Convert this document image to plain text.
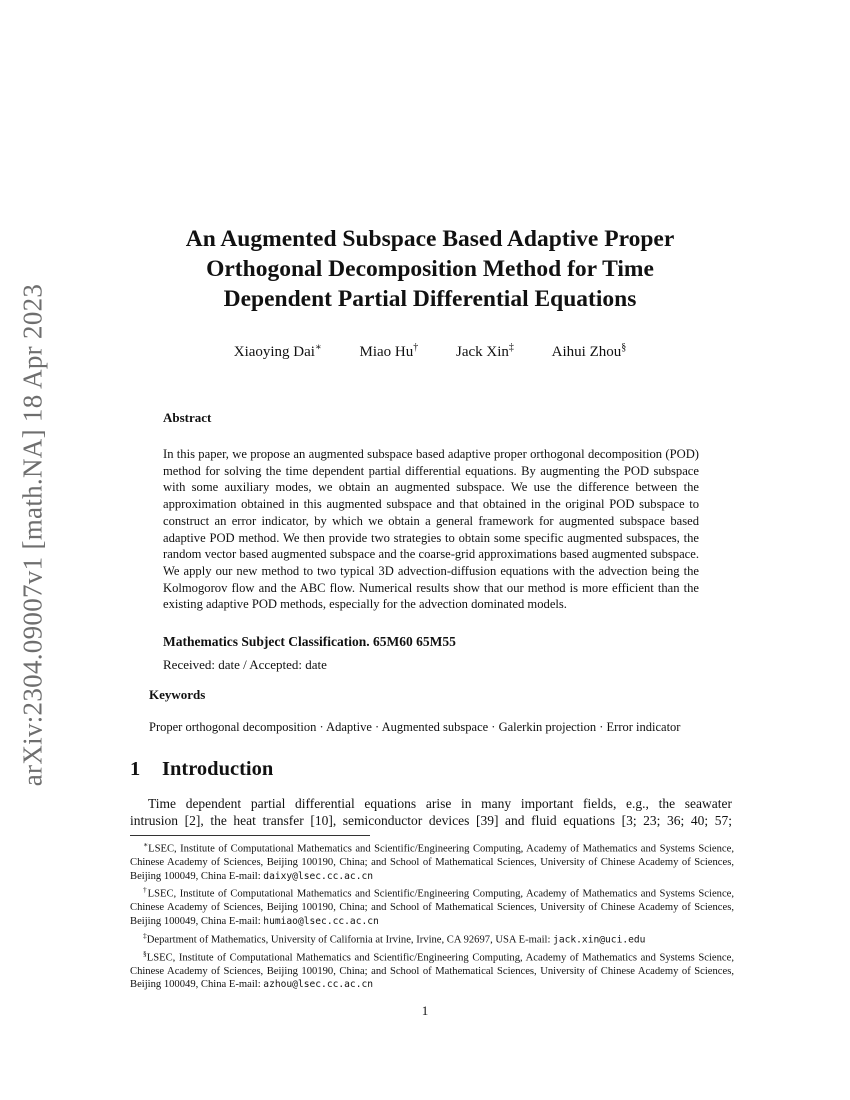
arXiv:2304.09007v1 [math.NA] 18 Apr 2023
An Augmented Subspace Based Adaptive Proper
Orthogonal Decomposition Method for Time
Dependent Partial Differential Equations
Xiaoying Dai∗	Miao Hu†	Jack Xin‡	Aihui Zhou§
Abstract

In this paper, we propose an augmented subspace based adaptive proper orthogonal decomposition (POD) method for solving the time dependent partial differential equations. By augmenting the POD subspace with some auxiliary modes, we obtain an augmented subspace. We use the difference between the approximation obtained in this augmented subspace and that obtained in the original POD subspace to construct an error indicator, by which we obtain a general framework for augmented subspace based adaptive POD method. We then provide two strategies to obtain some specific augmented subspaces, the random vector based augmented subspace and the coarse-grid approximations based augmented subspace. We apply our new method to two typical 3D advection-diffusion equations with the advection being the Kolmogorov flow and the ABC flow. Numerical results show that our method is more efficient than the existing adaptive POD methods, especially for the advection dominated models.

Mathematics Subject Classification. 65M60 65M55
Received: date / Accepted: date
Keywords
Proper orthogonal decomposition · Adaptive · Augmented subspace · Galerkin projection · Error indicator
1 Introduction

Time dependent partial differential equations arise in many important fields, e.g., the seawater
intrusion [2], the heat transfer [10], semiconductor devices [39] and fluid equations [3; 23; 36; 40; 57;

∗LSEC, Institute of Computational Mathematics and Scientific/Engineering Computing, Academy of Mathematics and Systems Science, Chinese Academy of Sciences, Beijing 100190, China; and School of Mathematical Sciences, University of Chinese Academy of Sciences, Beijing 100049, China E-mail: daixy@lsec.cc.ac.cn

†LSEC, Institute of Computational Mathematics and Scientific/Engineering Computing, Academy of Mathematics and Systems Science, Chinese Academy of Sciences, Beijing 100190, China; and School of Mathematical Sciences, University of Chinese Academy of Sciences, Beijing 100049, China E-mail: humiao@lsec.cc.ac.cn

‡Department of Mathematics, University of California at Irvine, Irvine, CA 92697, USA E-mail: jack.xin@uci.edu

§LSEC, Institute of Computational Mathematics and Scientific/Engineering Computing, Academy of Mathematics and Systems Science, Chinese Academy of Sciences, Beijing 100190, China; and School of Mathematical Sciences, University of Chinese Academy of Sciences, Beijing 100049, China E-mail: azhou@lsec.cc.ac.cn

1
